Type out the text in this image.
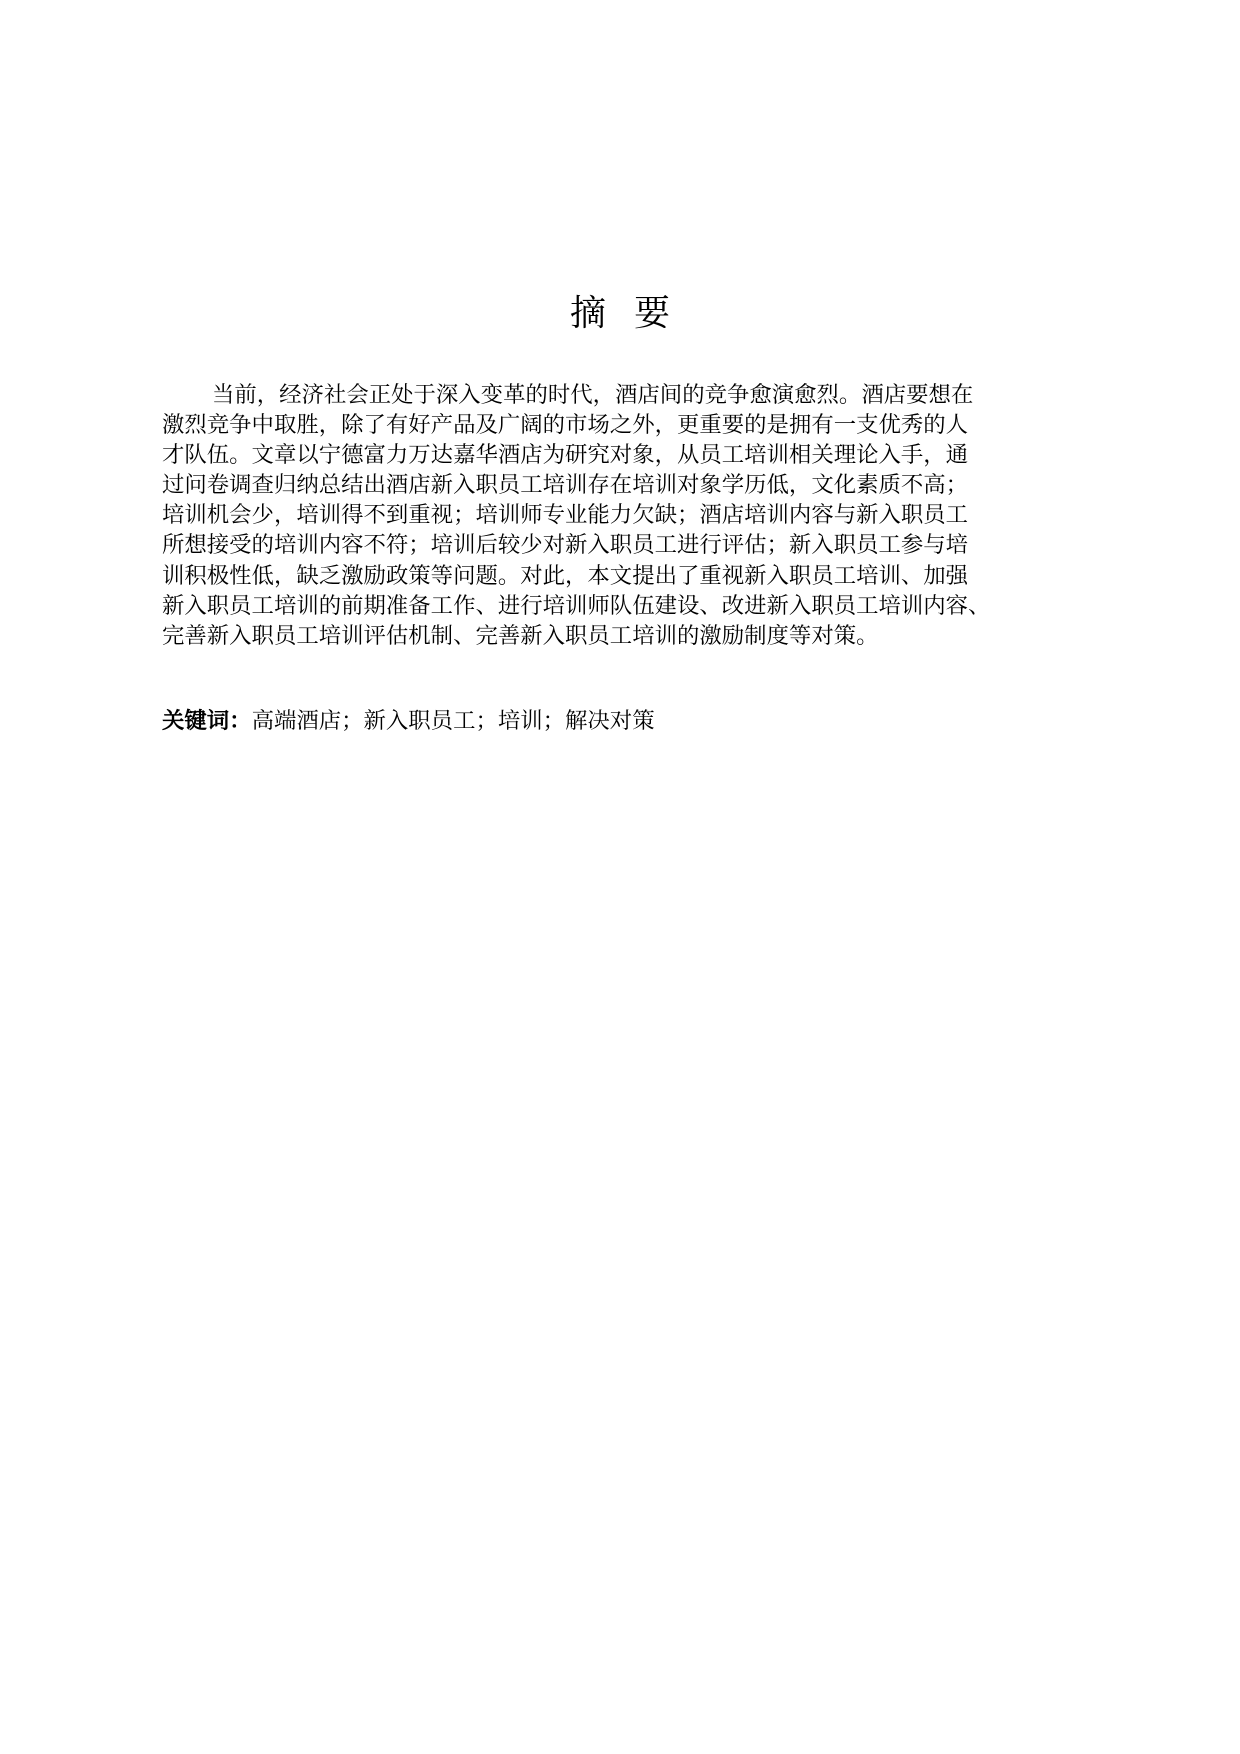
摘要
当前，经济社会正处于深入变革的时代，酒店间的竞争愈演愈烈。酒店要想在
激烈竞争中取胜，除了有好产品及广阔的市场之外，更重要的是拥有一支优秀的人
才队伍。文章以宁德富力万达嘉华酒店为研究对象，从员工培训相关理论入手，通
过问卷调查归纳总结出酒店新入职员工培训存在培训对象学历低，文化素质不高；
培训机会少，培训得不到重视；培训师专业能力欠缺；酒店培训内容与新入职员工
所想接受的培训内容不符；培训后较少对新入职员工进行评估；新入职员工参与培
训积极性低，缺乏激励政策等问题。对此，本文提出了重视新入职员工培训、加强
新入职员工培训的前期准备工作、进行培训师队伍建设、改进新入职员工培训内容、
完善新入职员工培训评估机制、完善新入职员工培训的激励制度等对策。
关键词：高端酒店；新入职员工；培训；解决对策
